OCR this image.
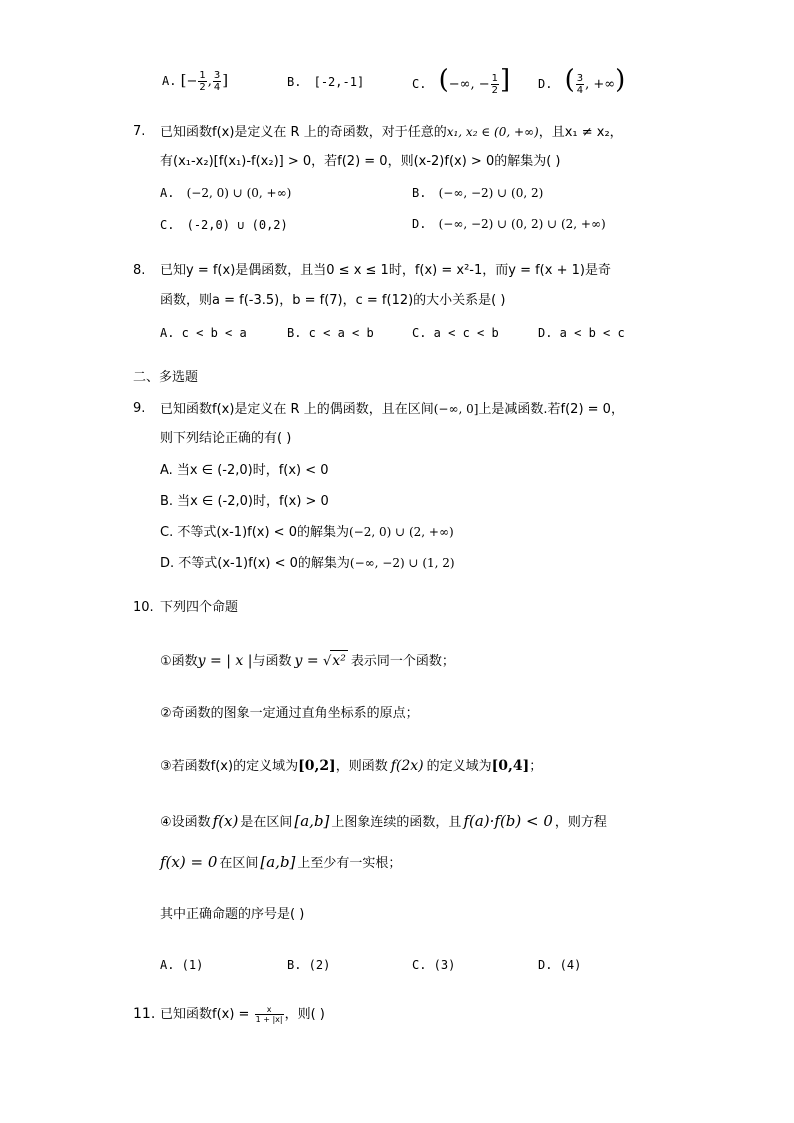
A. [− $\frac{1}{2}$ , $\frac{3}{4}$ ]	B. [-2,-1]	C. (−∞, − $\frac{1}{2}$ ] D. ( $\frac{3}{4}$ , +∞)
7. 已知函数f(x)是定义在 R 上的奇函数，对于任意的x₁, x₂ ∈ (0, +∞)，且x₁ ≠ x₂，
有(x₁-x₂)[f(x₁)-f(x₂)] > 0，若f(2) = 0，则(x-2)f(x) > 0的解集为( )
A. (−2, 0) ∪ (0, +∞)	B. (−∞, −2) ∪ (0, 2)
C. (-2,0) ∪ (0,2)	D. (−∞, −2) ∪ (0, 2) ∪ (2, +∞)
8. 已知y = f(x)是偶函数，且当0 ≤ x ≤ 1时，f(x) = x²-1，而y = f(x + 1)是奇
函数，则a = f(-3.5)，b = f(7)，c = f(12)的大小关系是( )
A. c < b < a	B. c < a < b	C. a < c < b	D. a < b < c
二、多选题
9. 已知函数f(x)是定义在 R 上的偶函数，且在区间(−∞, 0]上是减函数.若f(2) = 0，
则下列结论正确的有( )
A. 当x ∈ (-2,0)时，f(x) < 0
B. 当x ∈ (-2,0)时，f(x) > 0
C. 不等式(x-1)f(x) < 0的解集为(−2, 0) ∪ (2, +∞)
D. 不等式(x-1)f(x) < 0的解集为(−∞, −2) ∪ (1, 2)
10. 下列四个命题
①函数y = | x |与函数 y = √x² 表示同一个函数；
②奇函数的图象一定通过直角坐标系的原点；
③若函数f(x)的定义域为[0,2]，则函数 f(2x) 的定义域为[0,4]；
④设函数 f(x) 是在区间 [a,b] 上图象连续的函数，且 f(a)·f(b) < 0 ，则方程
f(x) = 0 在区间 [a,b] 上至少有一实根；
其中正确命题的序号是( )
A. (1)	B. (2)	C. (3)	D. (4)
11. 已知函数$f(x) = \frac{x}{1 + |x|}$ ，则( )
